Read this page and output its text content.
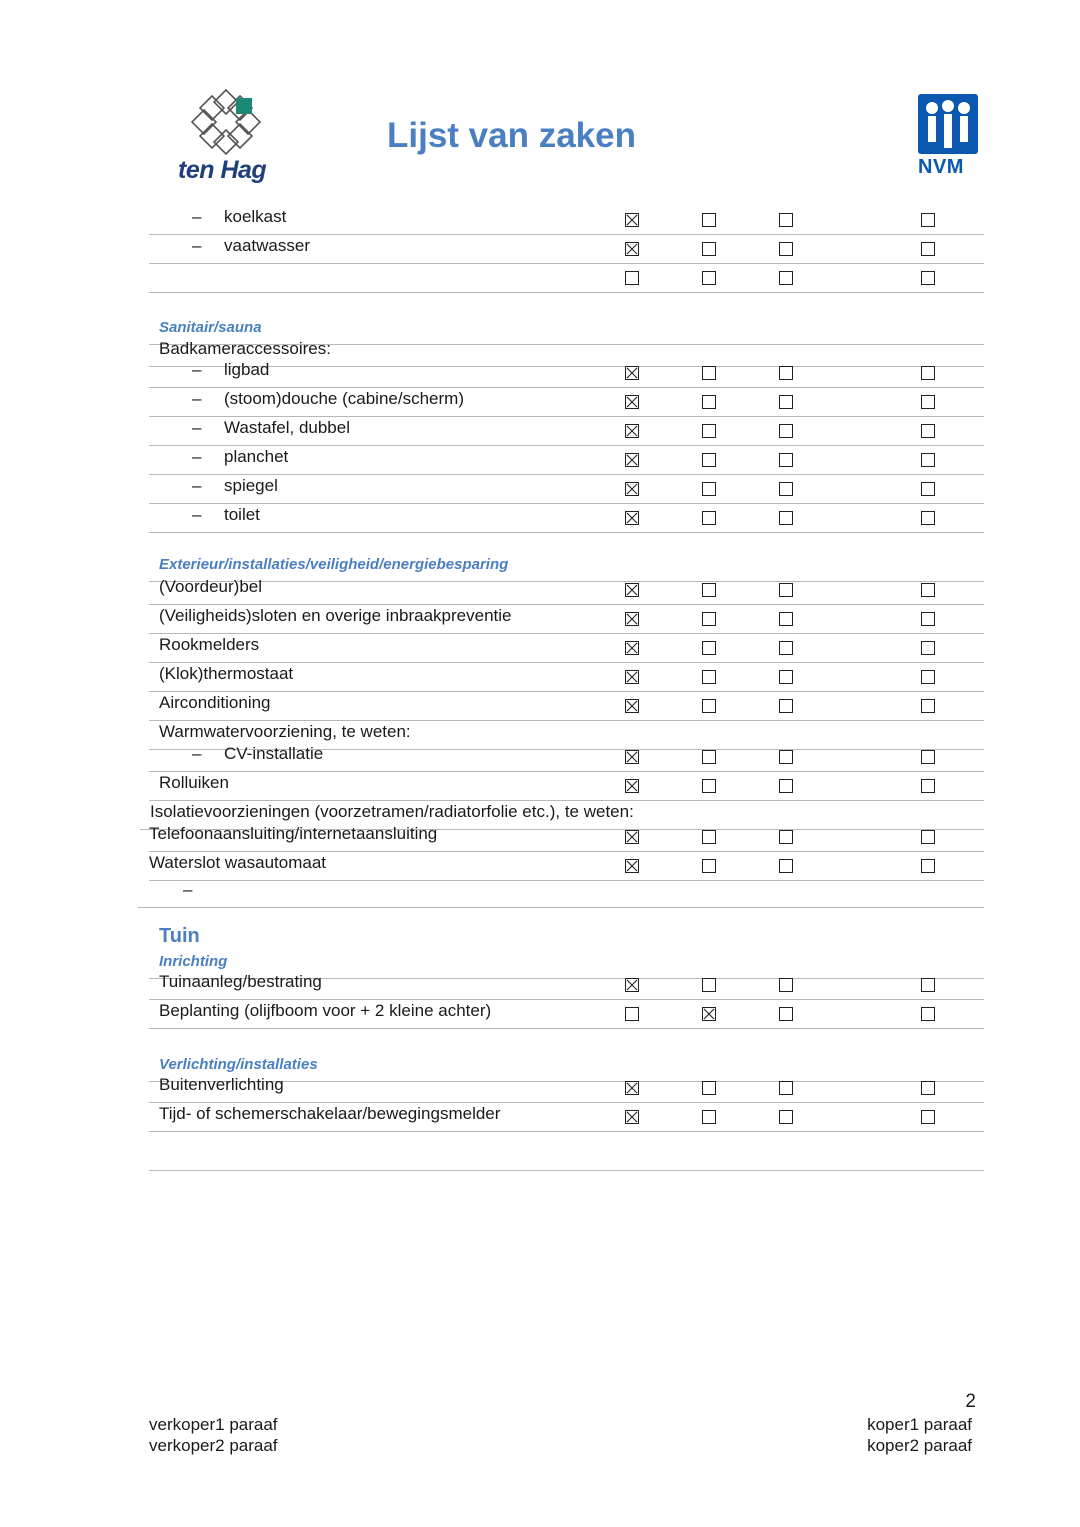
ten Hag
Lijst van zaken
NVM
– koelkast
– vaatwasser
Sanitair/sauna
Badkameraccessoires:
– ligbad
– (stoom)douche (cabine/scherm)
– Wastafel, dubbel
– planchet
– spiegel
– toilet
Exterieur/installaties/veiligheid/energiebesparing
(Voordeur)bel
(Veiligheids)sloten en overige inbraakpreventie
Rookmelders
(Klok)thermostaat
Airconditioning
Warmwatervoorziening, te weten:
– CV-installatie
Rolluiken
Isolatievoorzieningen (voorzetramen/radiatorfolie etc.), te weten:
Telefoonaansluiting/internetaansluiting
Waterslot wasautomaat
–
Tuin
Inrichting
Tuinaanleg/bestrating
Beplanting (olijfboom voor + 2 kleine achter)
Verlichting/installaties
Buitenverlichting
Tijd- of schemerschakelaar/bewegingsmelder
2
verkoper1 paraaf
verkoper2 paraaf
koper1 paraaf
koper2 paraaf
